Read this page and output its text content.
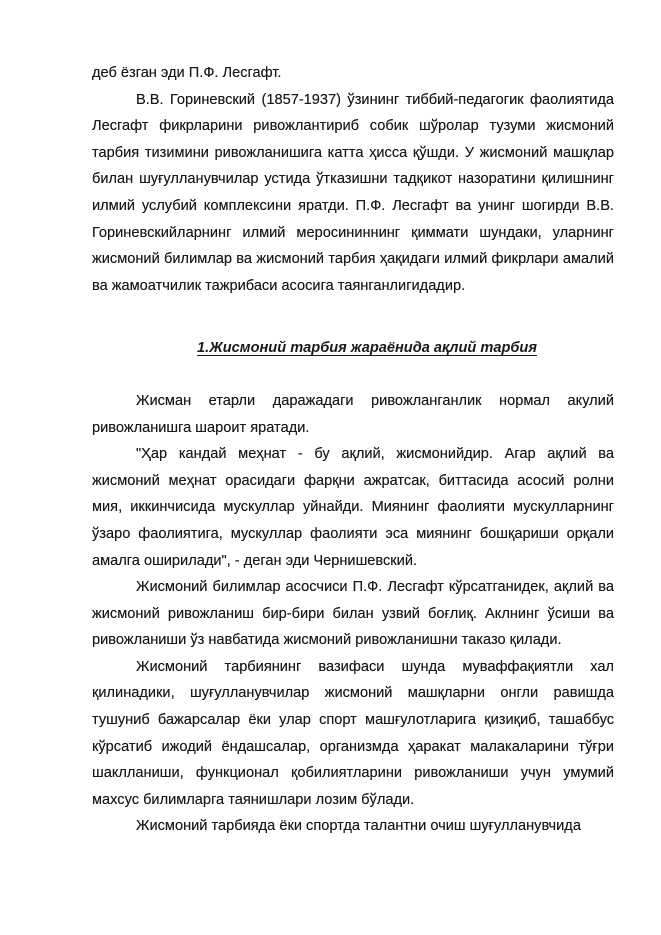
деб ёзган эди П.Ф. Лесгафт.

В.В. Гориневский (1857-1937) ўзининг тиббий-педагогик фаолиятида Лесгафт фикрларини ривожлантириб собик шўролар тузуми жисмоний тарбия тизимини ривожланишига катта ҳисса қўшди. У жисмоний машқлар билан шуғулланувчилар устида ўтказишни тадқикот назоратини қилишнинг илмий услубий комплексини яратди. П.Ф. Лесгафт ва унинг шогирди В.В. Гориневскийларнинг илмий меросининнинг қиммати шундаки, уларнинг жисмоний билимлар ва жисмоний тарбия ҳақидаги илмий фикрлари амалий ва жамоатчилик тажрибаси асосига таянганлигидадир.

1.Жисмоний тарбия жараёнида ақлий тарбия

Жисман етарли даражадаги ривожланганлик нормал акулий ривожланишга шароит яратади.

"Ҳар кандай меҳнат - бу ақлий, жисмонийдир. Агар ақлий ва жисмоний меҳнат орасидаги фарқни ажратсак, биттасида асосий ролни мия, иккинчисида мускуллар уйнайди. Миянинг фаолияти мускулларнинг ўзаро фаолиятига, мускуллар фаолияти эса миянинг бошқариши орқали амалга оширилади", - деган эди Чернишевский.

Жисмоний билимлар асосчиси П.Ф. Лесгафт кўрсатганидек, ақлий ва жисмоний ривожланиш бир-бири билан узвий боғлиқ. Аклнинг ўсиши ва ривожланиши ўз навбатида жисмоний ривожланишни таказо қилади.

Жисмоний тарбиянинг вазифаси шунда муваффақиятли хал қилинадики, шуғулланувчилар жисмоний машқларни онгли равишда тушуниб бажарсалар ёки улар спорт машғулотларига қизиқиб, ташаббус кўрсатиб ижодий ёндашсалар, организмда ҳаракат малакаларини тўғри шаклланиши, функционал қобилиятларини ривожланиши учун умумий махсус билимларга таянишлари лозим бўлади.

Жисмоний тарбияда ёки спортда талантни очиш шуғулланувчида
